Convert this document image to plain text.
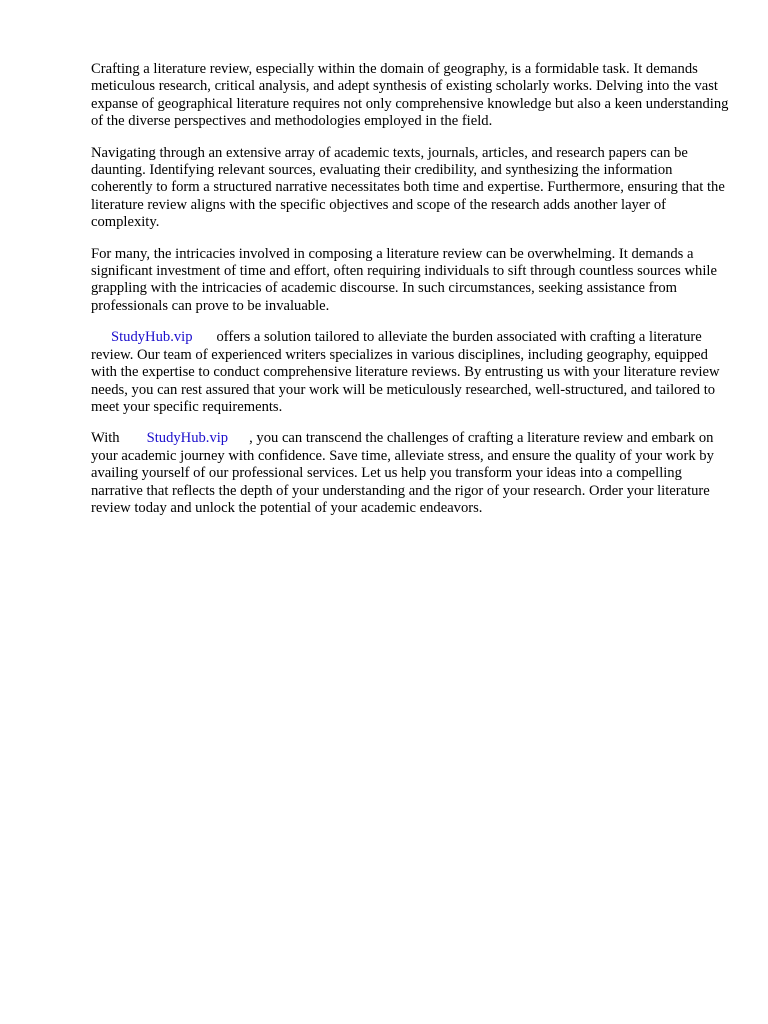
Crafting a literature review, especially within the domain of geography, is a formidable task. It demands meticulous research, critical analysis, and adept synthesis of existing scholarly works. Delving into the vast expanse of geographical literature requires not only comprehensive knowledge but also a keen understanding of the diverse perspectives and methodologies employed in the field.

Navigating through an extensive array of academic texts, journals, articles, and research papers can be daunting. Identifying relevant sources, evaluating their credibility, and synthesizing the information coherently to form a structured narrative necessitates both time and expertise. Furthermore, ensuring that the literature review aligns with the specific objectives and scope of the research adds another layer of complexity.

For many, the intricacies involved in composing a literature review can be overwhelming. It demands a significant investment of time and effort, often requiring individuals to sift through countless sources while grappling with the intricacies of academic discourse. In such circumstances, seeking assistance from professionals can prove to be invaluable.

StudyHub.vip offers a solution tailored to alleviate the burden associated with crafting a literature review. Our team of experienced writers specializes in various disciplines, including geography, equipped with the expertise to conduct comprehensive literature reviews. By entrusting us with your literature review needs, you can rest assured that your work will be meticulously researched, well-structured, and tailored to meet your specific requirements.

With StudyHub.vip , you can transcend the challenges of crafting a literature review and embark on your academic journey with confidence. Save time, alleviate stress, and ensure the quality of your work by availing yourself of our professional services. Let us help you transform your ideas into a compelling narrative that reflects the depth of your understanding and the rigor of your research. Order your literature review today and unlock the potential of your academic endeavors.
